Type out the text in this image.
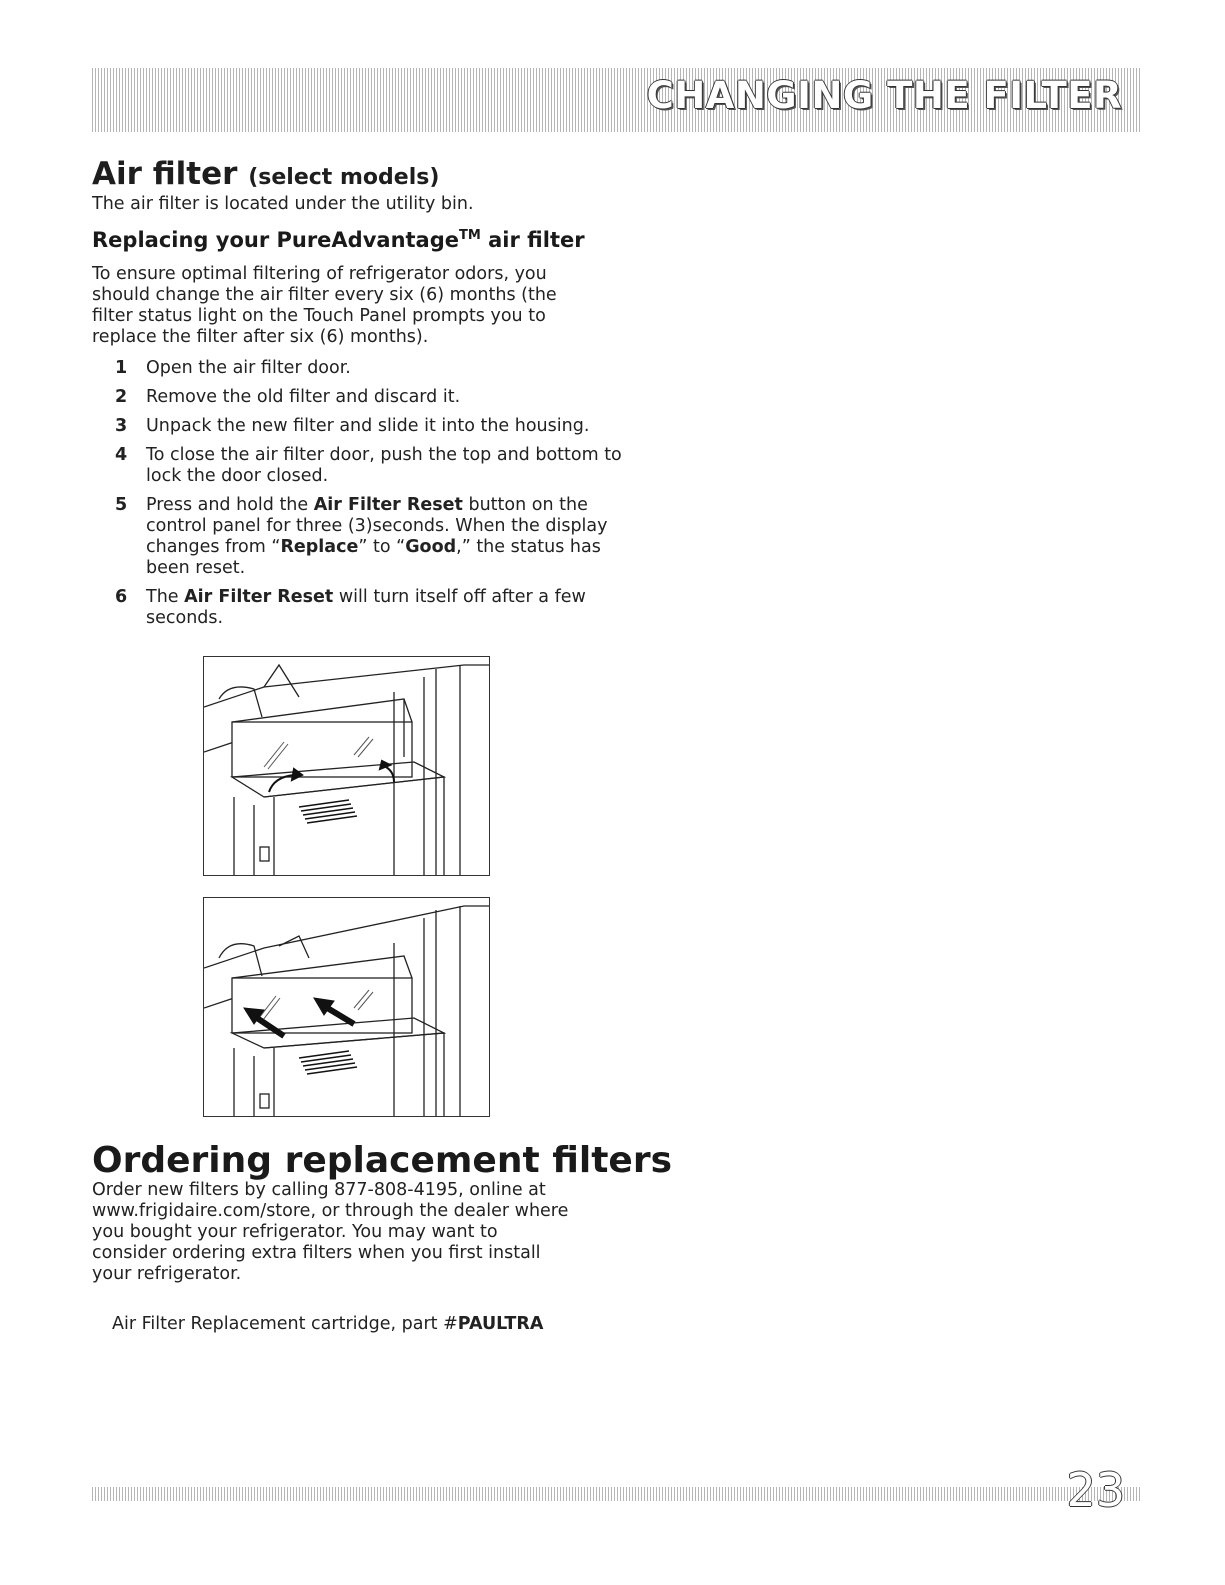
CHANGING THE FILTER
Air filter (select models)
The air filter is located under the utility bin.
Replacing your PureAdvantage™ air filter
To ensure optimal filtering of refrigerator odors, you should change the air filter every six (6) months (the filter status light on the Touch Panel prompts you to replace the filter after six (6) months).
1 Open the air filter door.
2 Remove the old filter and discard it.
3 Unpack the new filter and slide it into the housing.
4 To close the air filter door, push the top and bottom to lock the door closed.
5 Press and hold the Air Filter Reset button on the control panel for three (3)seconds. When the display changes from “Replace” to “Good,” the status has been reset.
6 The Air Filter Reset will turn itself off after a few seconds.
Ordering replacement filters
Order new filters by calling 877-808-4195, online at www.frigidaire.com/store, or through the dealer where you bought your refrigerator. You may want to consider ordering extra filters when you first install your refrigerator.
Air Filter Replacement cartridge, part #PAULTRA
23
